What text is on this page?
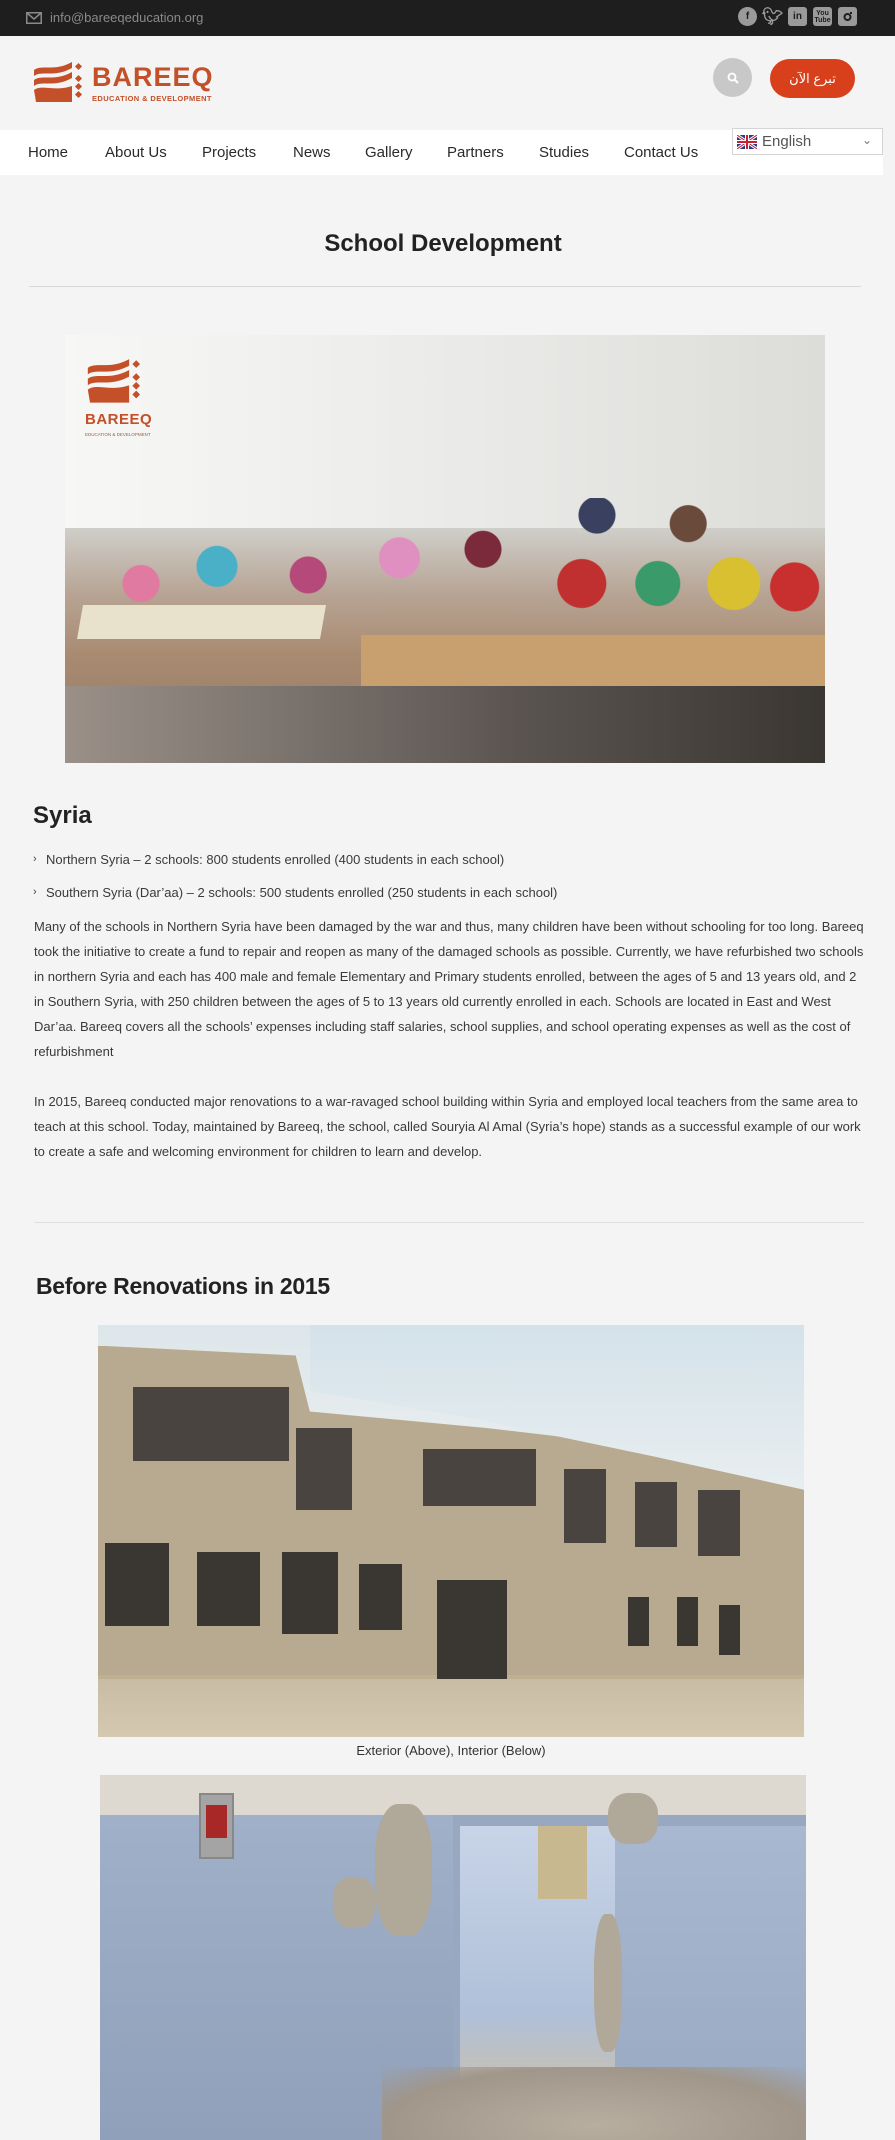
info@bareeqeducation.org	f 🐦︎ in	You
Tube
BAREEQ
EDUCATION & DEVELOPMENT
تبرع الآن
Home	About Us	Projects	News	Gallery	Partners	Studies	Contact Us
English	⌄
School Development
BAREEQ
EDUCATION & DEVELOPMENT
Syria
› Northern Syria – 2 schools: 800 students enrolled (400 students in each school)
› Southern Syria (Dar’aa) – 2 schools: 500 students enrolled (250 students in each school)

Many of the schools in Northern Syria have been damaged by the war and thus, many children have been without schooling for too long. Bareeq took the initiative to create a fund to repair and reopen as many of the damaged schools as possible. Currently, we have refurbished two schools in northern Syria and each has 400 male and female Elementary and Primary students enrolled, between the ages of 5 and 13 years old, and 2 in Southern Syria, with 250 children between the ages of 5 to 13 years old currently enrolled in each. Schools are located in East and West Dar’aa. Bareeq covers all the schools’ expenses including staff salaries, school supplies, and school operating expenses as well as the cost of refurbishment

In 2015, Bareeq conducted major renovations to a war-ravaged school building within Syria and employed local teachers from the same area to teach at this school. Today, maintained by Bareeq, the school, called Souryia Al Amal (Syria’s hope) stands as a successful example of our work to create a safe and welcoming environment for children to learn and develop.

Before Renovations in 2015
Exterior (Above), Interior (Below)
